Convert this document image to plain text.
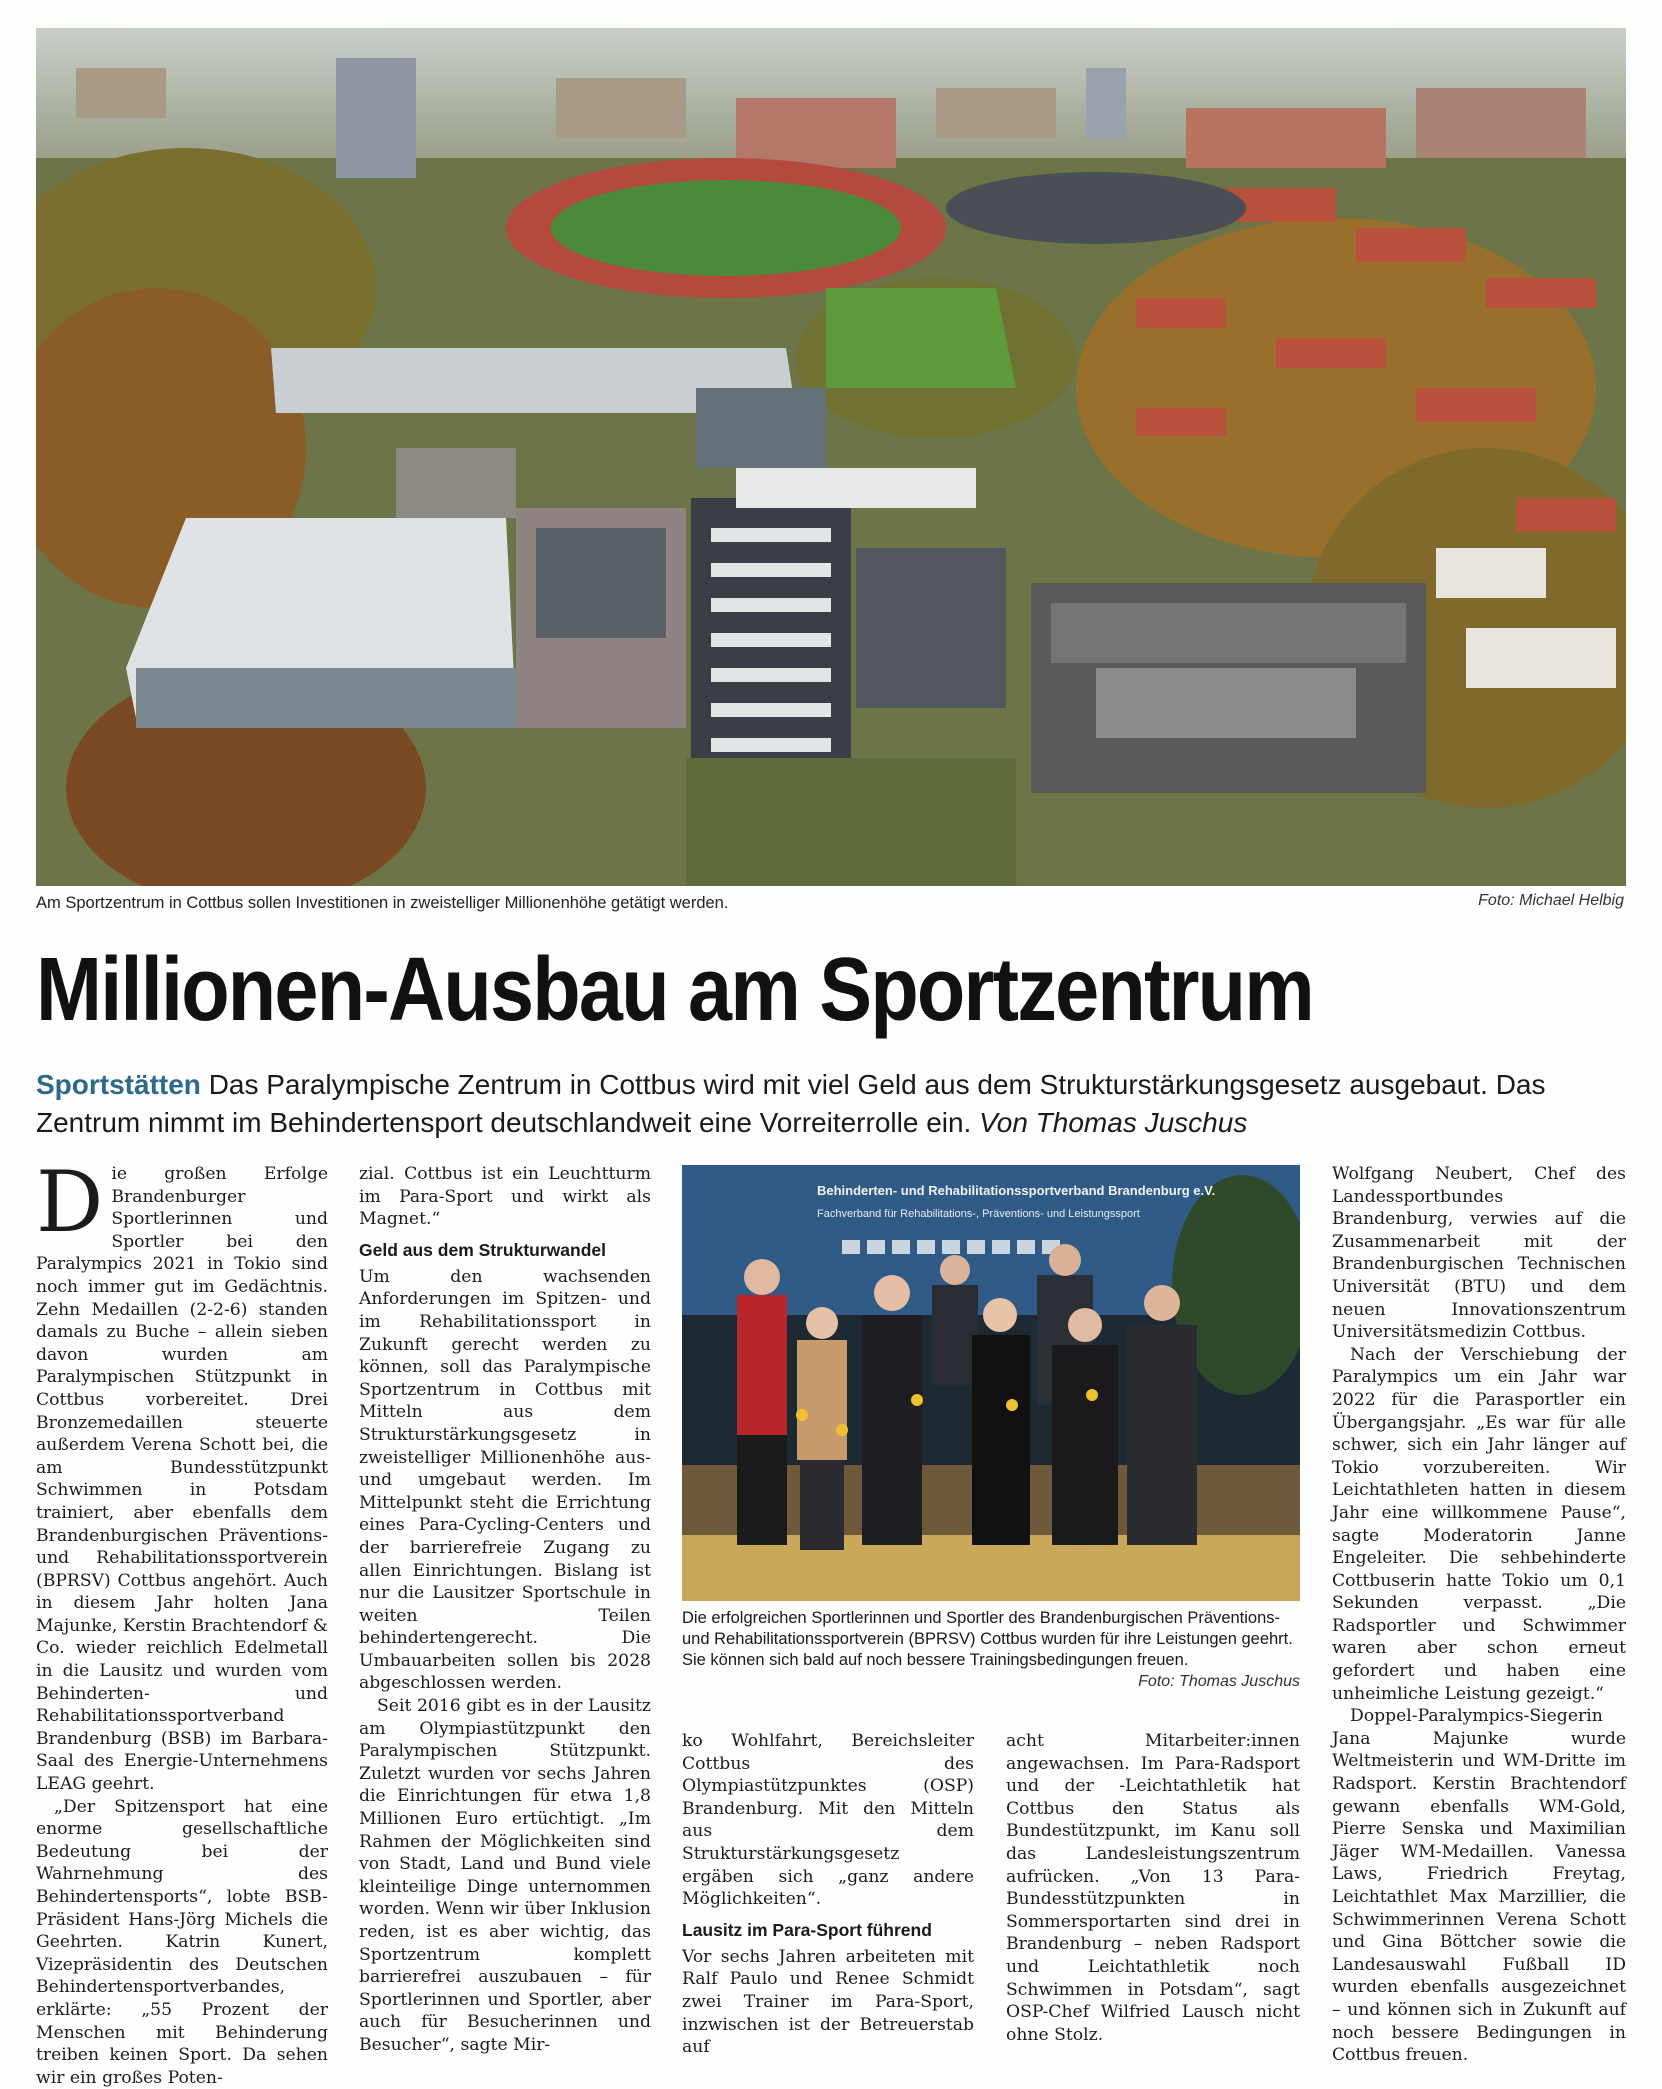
Am Sportzentrum in Cottbus sollen Investitionen in zweistelliger Millionenhöhe getätigt werden.	Foto: Michael Helbig
Millionen-Ausbau am Sportzentrum
Sportstätten Das Paralympische Zentrum in Cottbus wird mit viel Geld aus dem Strukturstärkungsgesetz ausgebaut. Das Zentrum nimmt im Behindertensport deutschlandweit eine Vorreiterrolle ein. Von Thomas Juschus

Die großen Erfolge Brandenburger Sportlerinnen und Sportler bei den Paralympics 2021 in Tokio sind noch immer gut im Gedächtnis. Zehn Medaillen (2-2-6) standen damals zu Buche – allein sieben davon wurden am Paralympischen Stützpunkt in Cottbus vorbereitet. Drei Bronzemedaillen steuerte außerdem Verena Schott bei, die am Bundesstützpunkt Schwimmen in Potsdam trainiert, aber ebenfalls dem Brandenburgischen Präventions- und Rehabilitationssportverein (BPRSV) Cottbus angehört. Auch in diesem Jahr holten Jana Majunke, Kerstin Brachtendorf & Co. wieder reichlich Edelmetall in die Lausitz und wurden vom Behinderten- und Rehabilitationssportverband Brandenburg (BSB) im Barbara-Saal des Energie-Unternehmens LEAG geehrt.

„Der Spitzensport hat eine enorme gesellschaftliche Bedeutung bei der Wahrnehmung des Behindertensports“, lobte BSB-Präsident Hans-Jörg Michels die Geehrten. Katrin Kunert, Vizepräsidentin des Deutschen Behindertensportverbandes, erklärte: „55 Prozent der Menschen mit Behinderung treiben keinen Sport. Da sehen wir ein großes Poten-

zial. Cottbus ist ein Leuchtturm im Para-Sport und wirkt als Magnet.“

Geld aus dem Strukturwandel

Um den wachsenden Anforderungen im Spitzen- und im Rehabilitationssport in Zukunft gerecht werden zu können, soll das Paralympische Sportzentrum in Cottbus mit Mitteln aus dem Strukturstärkungsgesetz in zweistelliger Millionenhöhe aus- und umgebaut werden. Im Mittelpunkt steht die Errichtung eines Para-Cycling-Centers und der barrierefreie Zugang zu allen Einrichtungen. Bislang ist nur die Lausitzer Sportschule in weiten Teilen behindertengerecht. Die Umbauarbeiten sollen bis 2028 abgeschlossen werden.

Seit 2016 gibt es in der Lausitz am Olympiastützpunkt den Paralympischen Stützpunkt. Zuletzt wurden vor sechs Jahren die Einrichtungen für etwa 1,8 Millionen Euro ertüchtigt. „Im Rahmen der Möglichkeiten sind von Stadt, Land und Bund viele kleinteilige Dinge unternommen worden. Wenn wir über Inklusion reden, ist es aber wichtig, das Sportzentrum komplett barrierefrei auszubauen – für Sportlerinnen und Sportler, aber auch für Besucherinnen und Besucher“, sagte Mir-

Behinderten- und Rehabilitationssportverband Brandenburg e.V.
Fachverband für Rehabilitations-, Präventions- und Leistungssport
Die erfolgreichen Sportlerinnen und Sportler des Brandenburgischen Präventions- und Rehabilitationssportverein (BPRSV) Cottbus wurden für ihre Leistungen geehrt. Sie können sich bald auf noch bessere Trainingsbedingungen freuen.
Foto: Thomas Juschus

ko Wohlfahrt, Bereichsleiter Cottbus des Olympiastützpunktes (OSP) Brandenburg. Mit den Mitteln aus dem Strukturstärkungsgesetz ergäben sich „ganz andere Möglichkeiten“.

Lausitz im Para-Sport führend

Vor sechs Jahren arbeiteten mit Ralf Paulo und Renee Schmidt zwei Trainer im Para-Sport, inzwischen ist der Betreuerstab auf

acht Mitarbeiter:innen angewachsen. Im Para-Radsport und der -Leichtathletik hat Cottbus den Status als Bundestützpunkt, im Kanu soll das Landesleistungszentrum aufrücken. „Von 13 Para-Bundesstützpunkten in Sommersportarten sind drei in Brandenburg – neben Radsport und Leichtathletik noch Schwimmen in Potsdam“, sagt OSP-Chef Wilfried Lausch nicht ohne Stolz.

Wolfgang Neubert, Chef des Landessportbundes Brandenburg, verwies auf die Zusammenarbeit mit der Brandenburgischen Technischen Universität (BTU) und dem neuen Innovationszentrum Universitätsmedizin Cottbus.

Nach der Verschiebung der Paralympics um ein Jahr war 2022 für die Parasportler ein Übergangsjahr. „Es war für alle schwer, sich ein Jahr länger auf Tokio vorzubereiten. Wir Leichtathleten hatten in diesem Jahr eine willkommene Pause“, sagte Moderatorin Janne Engeleiter. Die sehbehinderte Cottbuserin hatte Tokio um 0,1 Sekunden verpasst. „Die Radsportler und Schwimmer waren aber schon erneut gefordert und haben eine unheimliche Leistung gezeigt.“

Doppel-Paralympics-Siegerin Jana Majunke wurde Weltmeisterin und WM-Dritte im Radsport. Kerstin Brachtendorf gewann ebenfalls WM-Gold, Pierre Senska und Maximilian Jäger WM-Medaillen. Vanessa Laws, Friedrich Freytag, Leichtathlet Max Marzillier, die Schwimmerinnen Verena Schott und Gina Böttcher sowie die Landesauswahl Fußball ID wurden ebenfalls ausgezeichnet – und können sich in Zukunft auf noch bessere Bedingungen in Cottbus freuen.
